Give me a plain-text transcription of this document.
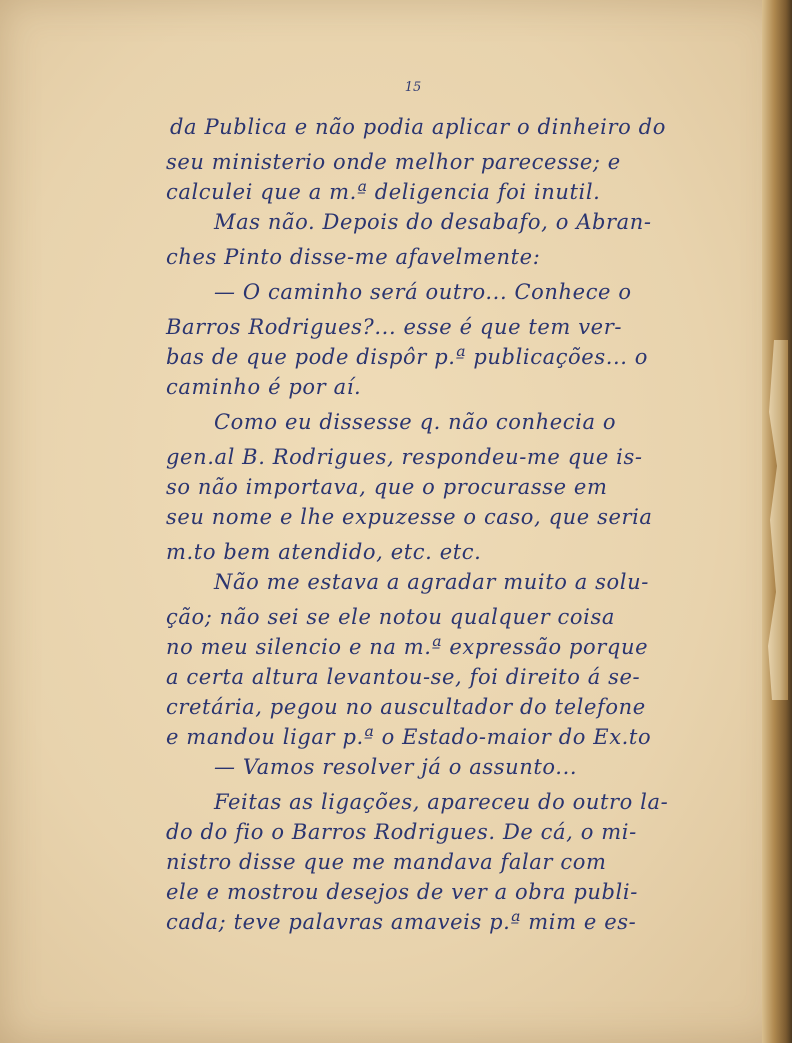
15
da Publica e não podia aplicar o dinheiro do
seu ministerio onde melhor parecesse; e
calculei que a m.ª deligencia foi inutil.
Mas não. Depois do desabafo, o Abran-
ches Pinto disse-me afavelmente:
— O caminho será outro... Conhece o
Barros Rodrigues?... esse é que tem ver-
bas de que pode dispôr p.ª publicações... o
caminho é por aí.
Como eu dissesse q. não conhecia o
gen.al B. Rodrigues, respondeu-me que is-
so não importava, que o procurasse em
seu nome e lhe expuzesse o caso, que seria
m.to bem atendido, etc. etc.
Não me estava a agradar muito a solu-
ção; não sei se ele notou qualquer coisa
no meu silencio e na m.ª expressão porque
a certa altura levantou-se, foi direito á se-
cretária, pegou no auscultador do telefone
e mandou ligar p.ª o Estado-maior do Ex.to
— Vamos resolver já o assunto...
Feitas as ligações, apareceu do outro la-
do do fio o Barros Rodrigues. De cá, o mi-
nistro disse que me mandava falar com
ele e mostrou desejos de ver a obra publi-
cada; teve palavras amaveis p.ª mim e es-
